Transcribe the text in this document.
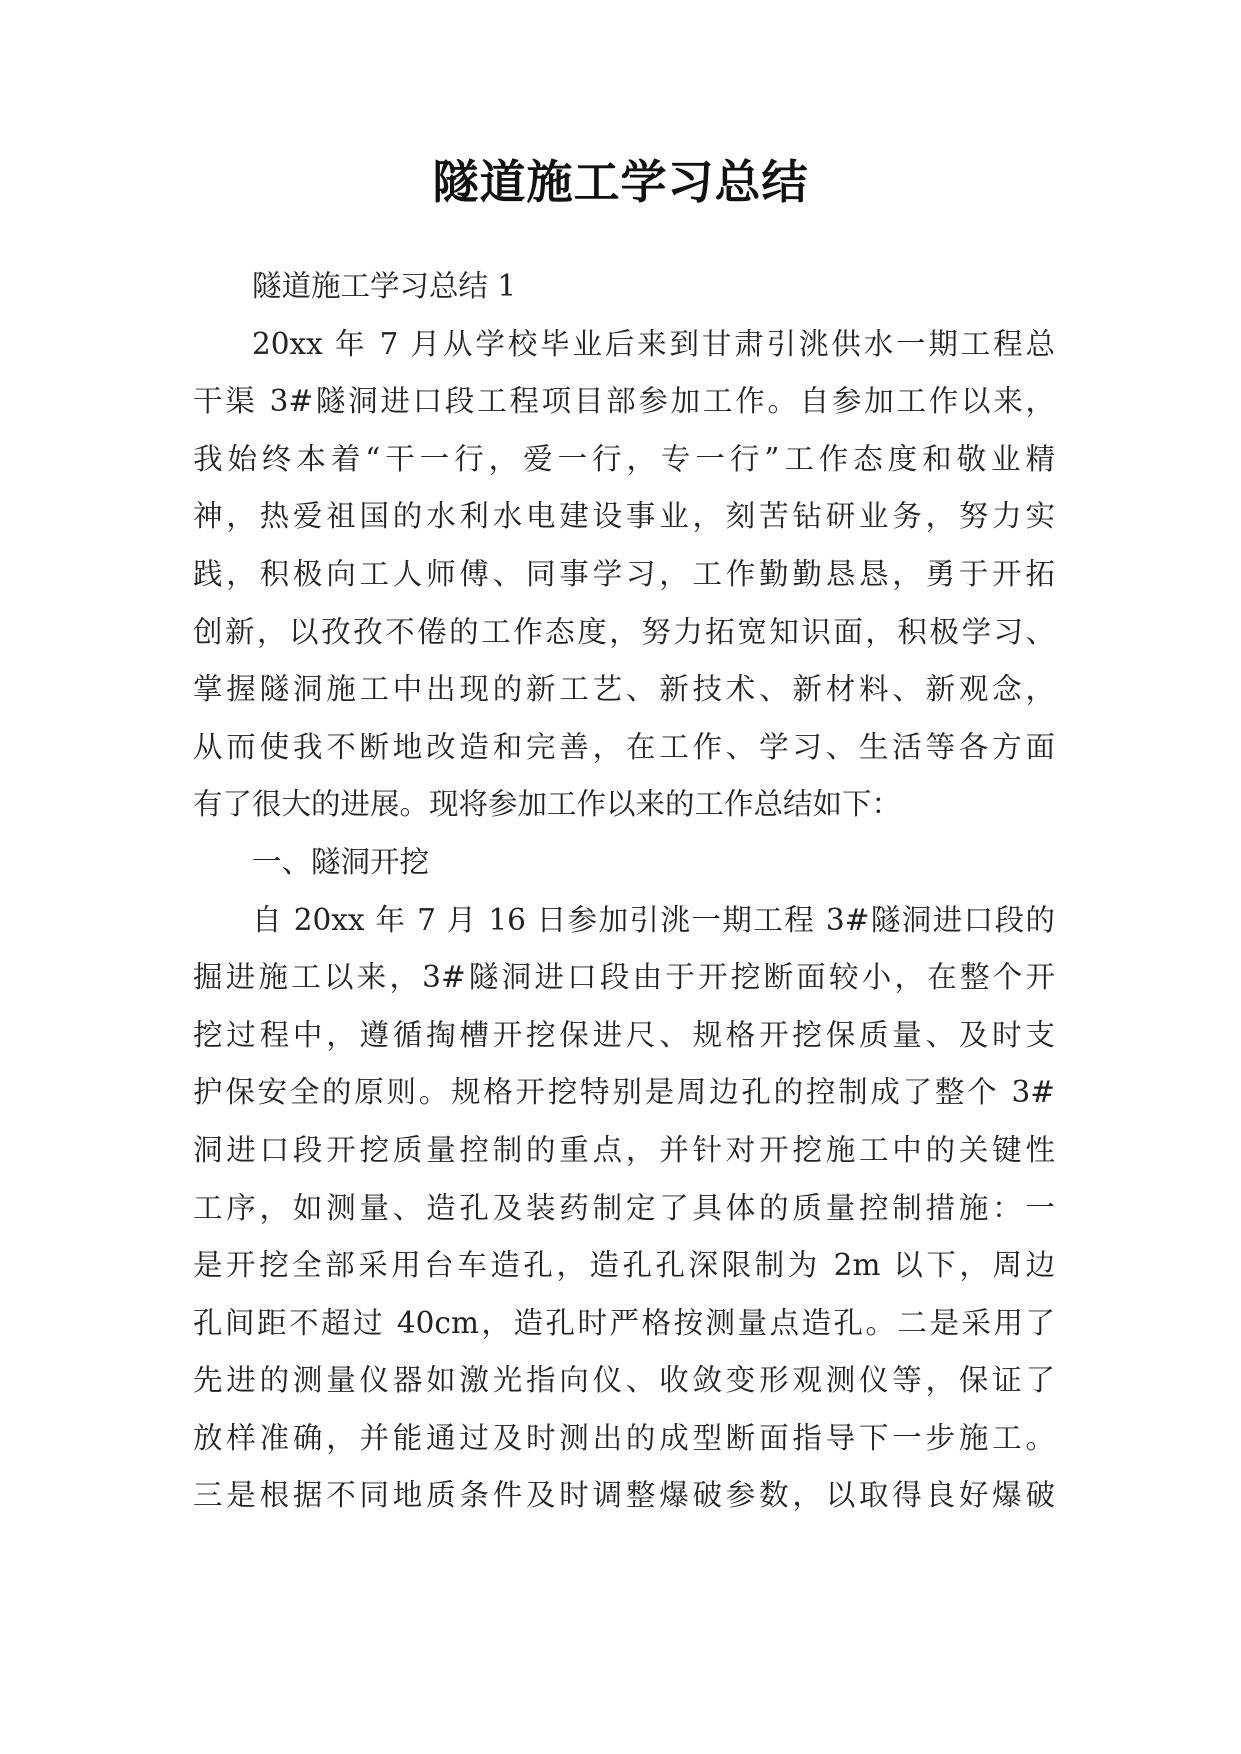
隧道施工学习总结
隧道施工学习总结 1
20xx 年 7 月从学校毕业后来到甘肃引洮供水一期工程总
干渠 3#隧洞进口段工程项目部参加工作。自参加工作以来，
我始终本着“干一行，爱一行，专一行”工作态度和敬业精
神，热爱祖国的水利水电建设事业，刻苦钻研业务，努力实
践，积极向工人师傅、同事学习，工作勤勤恳恳，勇于开拓
创新，以孜孜不倦的工作态度，努力拓宽知识面，积极学习、
掌握隧洞施工中出现的新工艺、新技术、新材料、新观念，
从而使我不断地改造和完善，在工作、学习、生活等各方面
有了很大的进展。现将参加工作以来的工作总结如下：
一、隧洞开挖
自 20xx 年 7 月 16 日参加引洮一期工程 3#隧洞进口段的
掘进施工以来，3#隧洞进口段由于开挖断面较小，在整个开
挖过程中，遵循掏槽开挖保进尺、规格开挖保质量、及时支
护保安全的原则。规格开挖特别是周边孔的控制成了整个 3#
洞进口段开挖质量控制的重点，并针对开挖施工中的关键性
工序，如测量、造孔及装药制定了具体的质量控制措施：一
是开挖全部采用台车造孔，造孔孔深限制为 2m 以下，周边
孔间距不超过 40cm，造孔时严格按测量点造孔。二是采用了
先进的测量仪器如激光指向仪、收敛变形观测仪等，保证了
放样准确，并能通过及时测出的成型断面指导下一步施工。
三是根据不同地质条件及时调整爆破参数，以取得良好爆破
